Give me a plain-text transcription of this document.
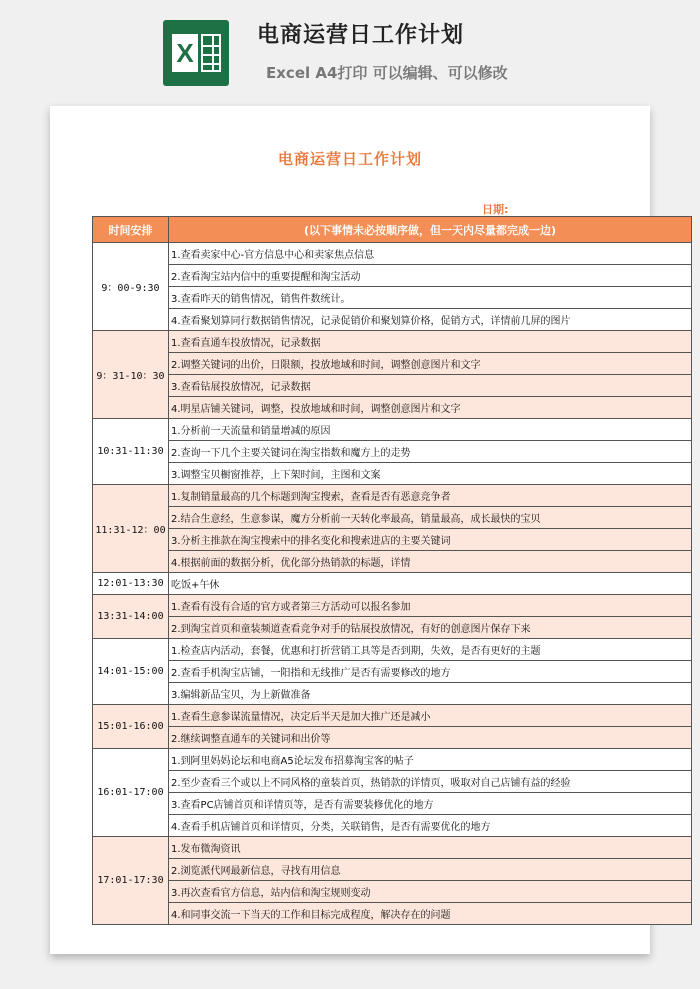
X
电商运营日工作计划
Excel A4打印 可以编辑、可以修改
电商运营日工作计划
日期:
时间安排	(以下事情未必按顺序做，但一天内尽量都完成一边)
9：00-9:30	1.查看卖家中心-官方信息中心和卖家焦点信息
	2.查看淘宝站内信中的重要提醒和淘宝活动
	3.查看昨天的销售情况，销售件数统计。
	4.查看聚划算同行数据销售情况，记录促销价和聚划算价格，促销方式，详情前几屏的图片
9：31-10：30	1.查看直通车投放情况，记录数据
	2.调整关键词的出价，日限额，投放地域和时间，调整创意图片和文字
	3.查看钻展投放情况，记录数据
	4.明星店铺关键词，调整，投放地域和时间，调整创意图片和文字
10:31-11:30	1.分析前一天流量和销量增减的原因
	2.查询一下几个主要关键词在淘宝指数和魔方上的走势
	3.调整宝贝橱窗推荐，上下架时间，主图和文案
11:31-12：00	1.复制销量最高的几个标题到淘宝搜索，查看是否有恶意竞争者
	2.结合生意经，生意参谋，魔方分析前一天转化率最高，销量最高，成长最快的宝贝
	3.分析主推款在淘宝搜索中的排名变化和搜索进店的主要关键词
	4.根据前面的数据分析，优化部分热销款的标题，详情
12:01-13:30	吃饭+午休
13:31-14:00	1.查看有没有合适的官方或者第三方活动可以报名参加
	2.到淘宝首页和童装频道查看竞争对手的钻展投放情况，有好的创意图片保存下来
14:01-15:00	1.检查店内活动，套餐，优惠和打折营销工具等是否到期，失效，是否有更好的主题
	2.查看手机淘宝店铺，一阳指和无线推广是否有需要修改的地方
	3.编辑新品宝贝，为上新做准备
15:01-16:00	1.查看生意参谋流量情况，决定后半天是加大推广还是减小
	2.继续调整直通车的关键词和出价等
16:01-17:00	1.到阿里妈妈论坛和电商A5论坛发布招募淘宝客的帖子
	2.至少查看三个或以上不同风格的童装首页，热销款的详情页，吸取对自己店铺有益的经验
	3.查看PC店铺首页和详情页等，是否有需要装修优化的地方
	4.查看手机店铺首页和详情页，分类，关联销售，是否有需要优化的地方
17:01-17:30	1.发布微淘资讯
	2.浏览派代网最新信息，寻找有用信息
	3.再次查看官方信息，站内信和淘宝规则变动
	4.和同事交流一下当天的工作和目标完成程度，解决存在的问题
